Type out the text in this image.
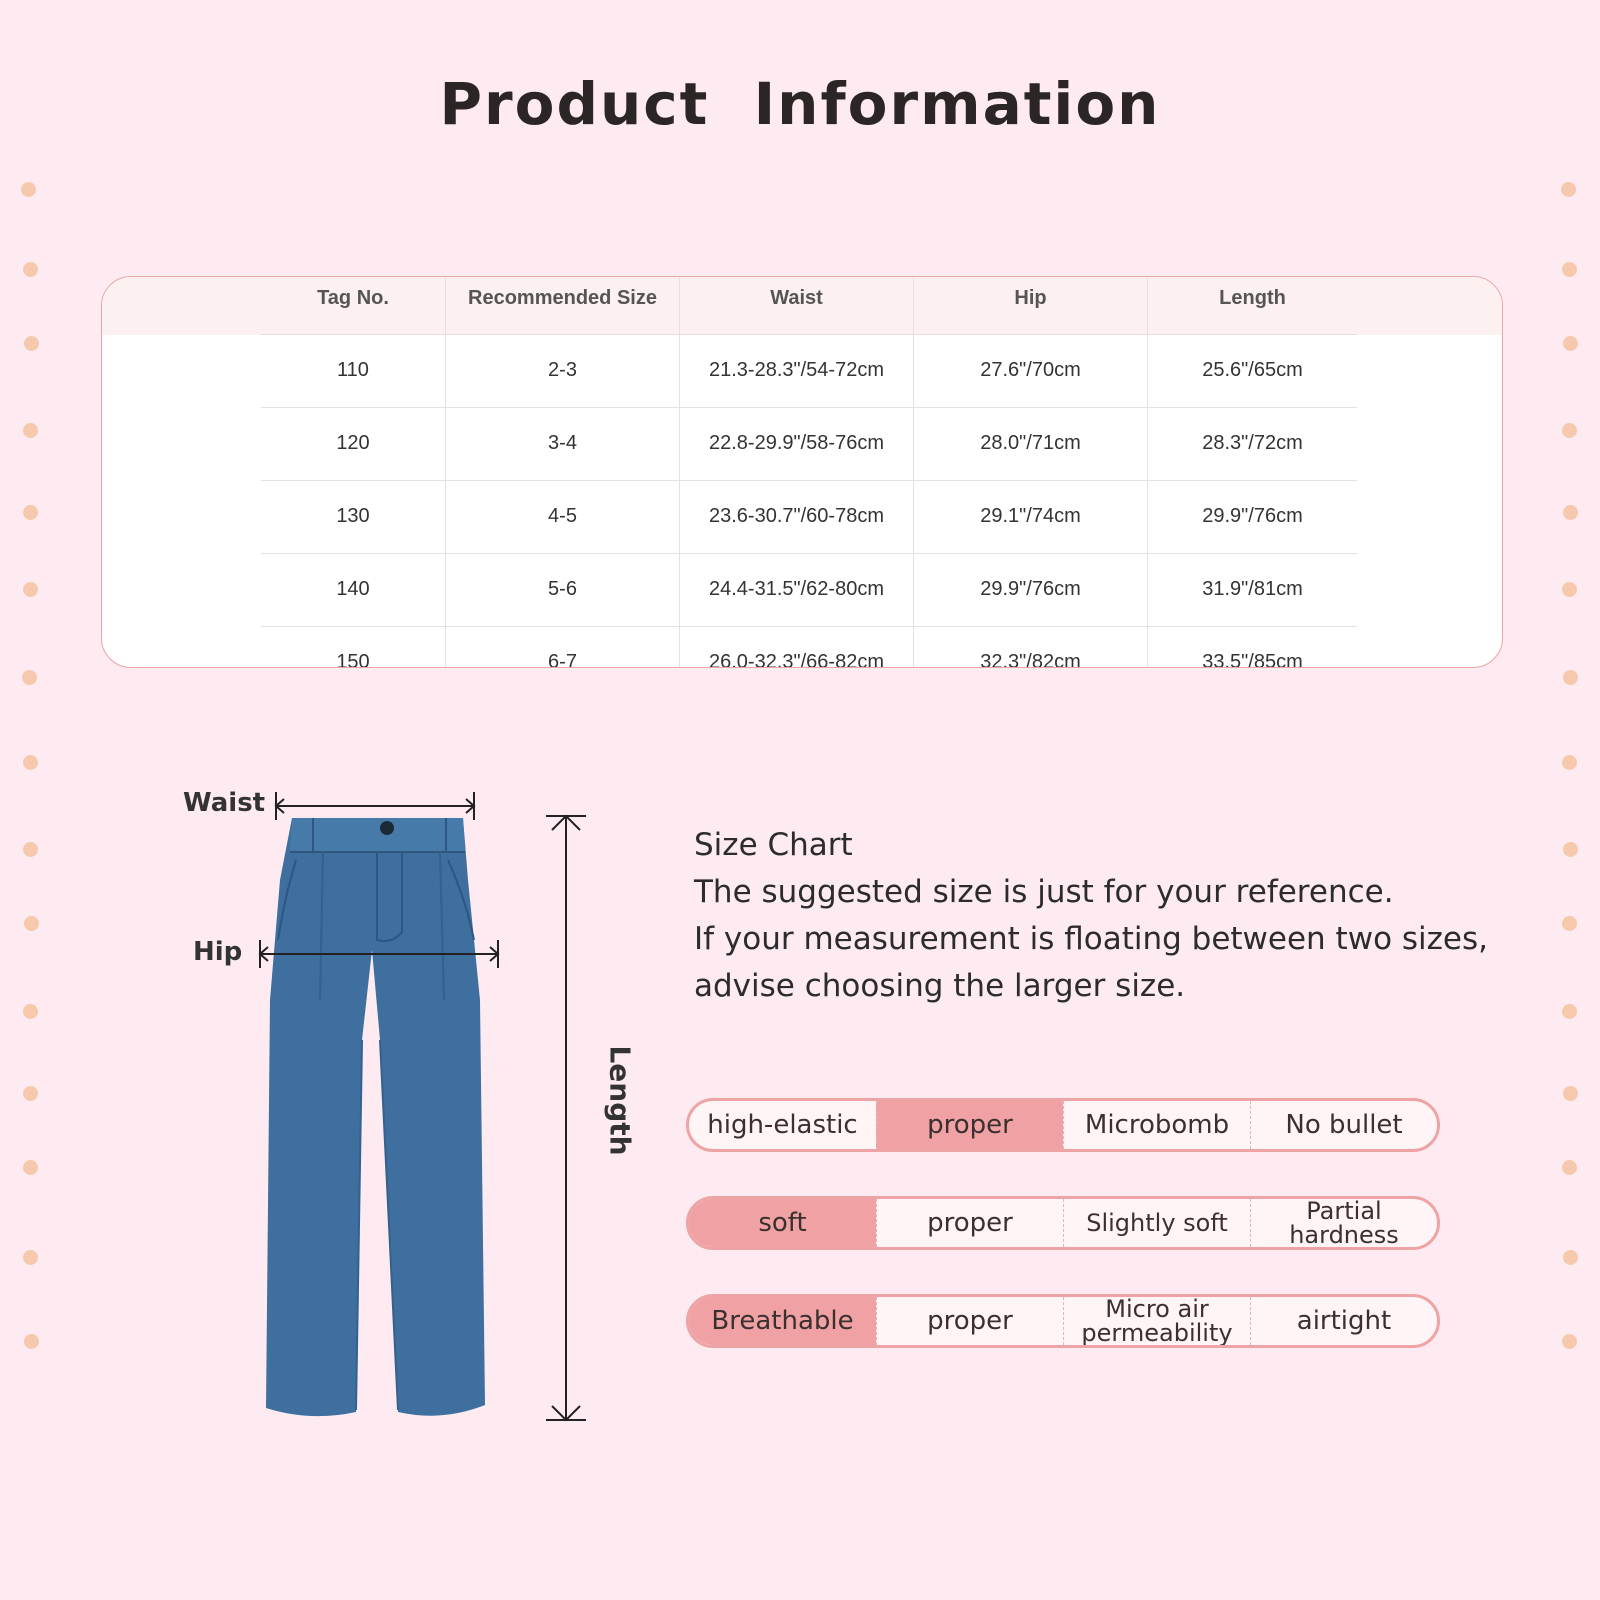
Product Information
Tag No.	Recommended Size	Waist	Hip	Length
110	2-3	21.3-28.3"/54-72cm	27.6"/70cm	25.6"/65cm
120	3-4	22.8-29.9"/58-76cm	28.0"/71cm	28.3"/72cm
130	4-5	23.6-30.7"/60-78cm	29.1"/74cm	29.9"/76cm
140	5-6	24.4-31.5"/62-80cm	29.9"/76cm	31.9"/81cm
150	6-7	26.0-32.3"/66-82cm	32.3"/82cm	33.5"/85cm
Waist
Hip
Length
Size Chart
The suggested size is just for your reference.
If your measurement is floating between two sizes,
advise choosing the larger size.
high-elastic	proper	Microbomb	No bullet
soft	proper	Slightly soft	Partial hardness
Breathable	proper	Micro air permeability	airtight
